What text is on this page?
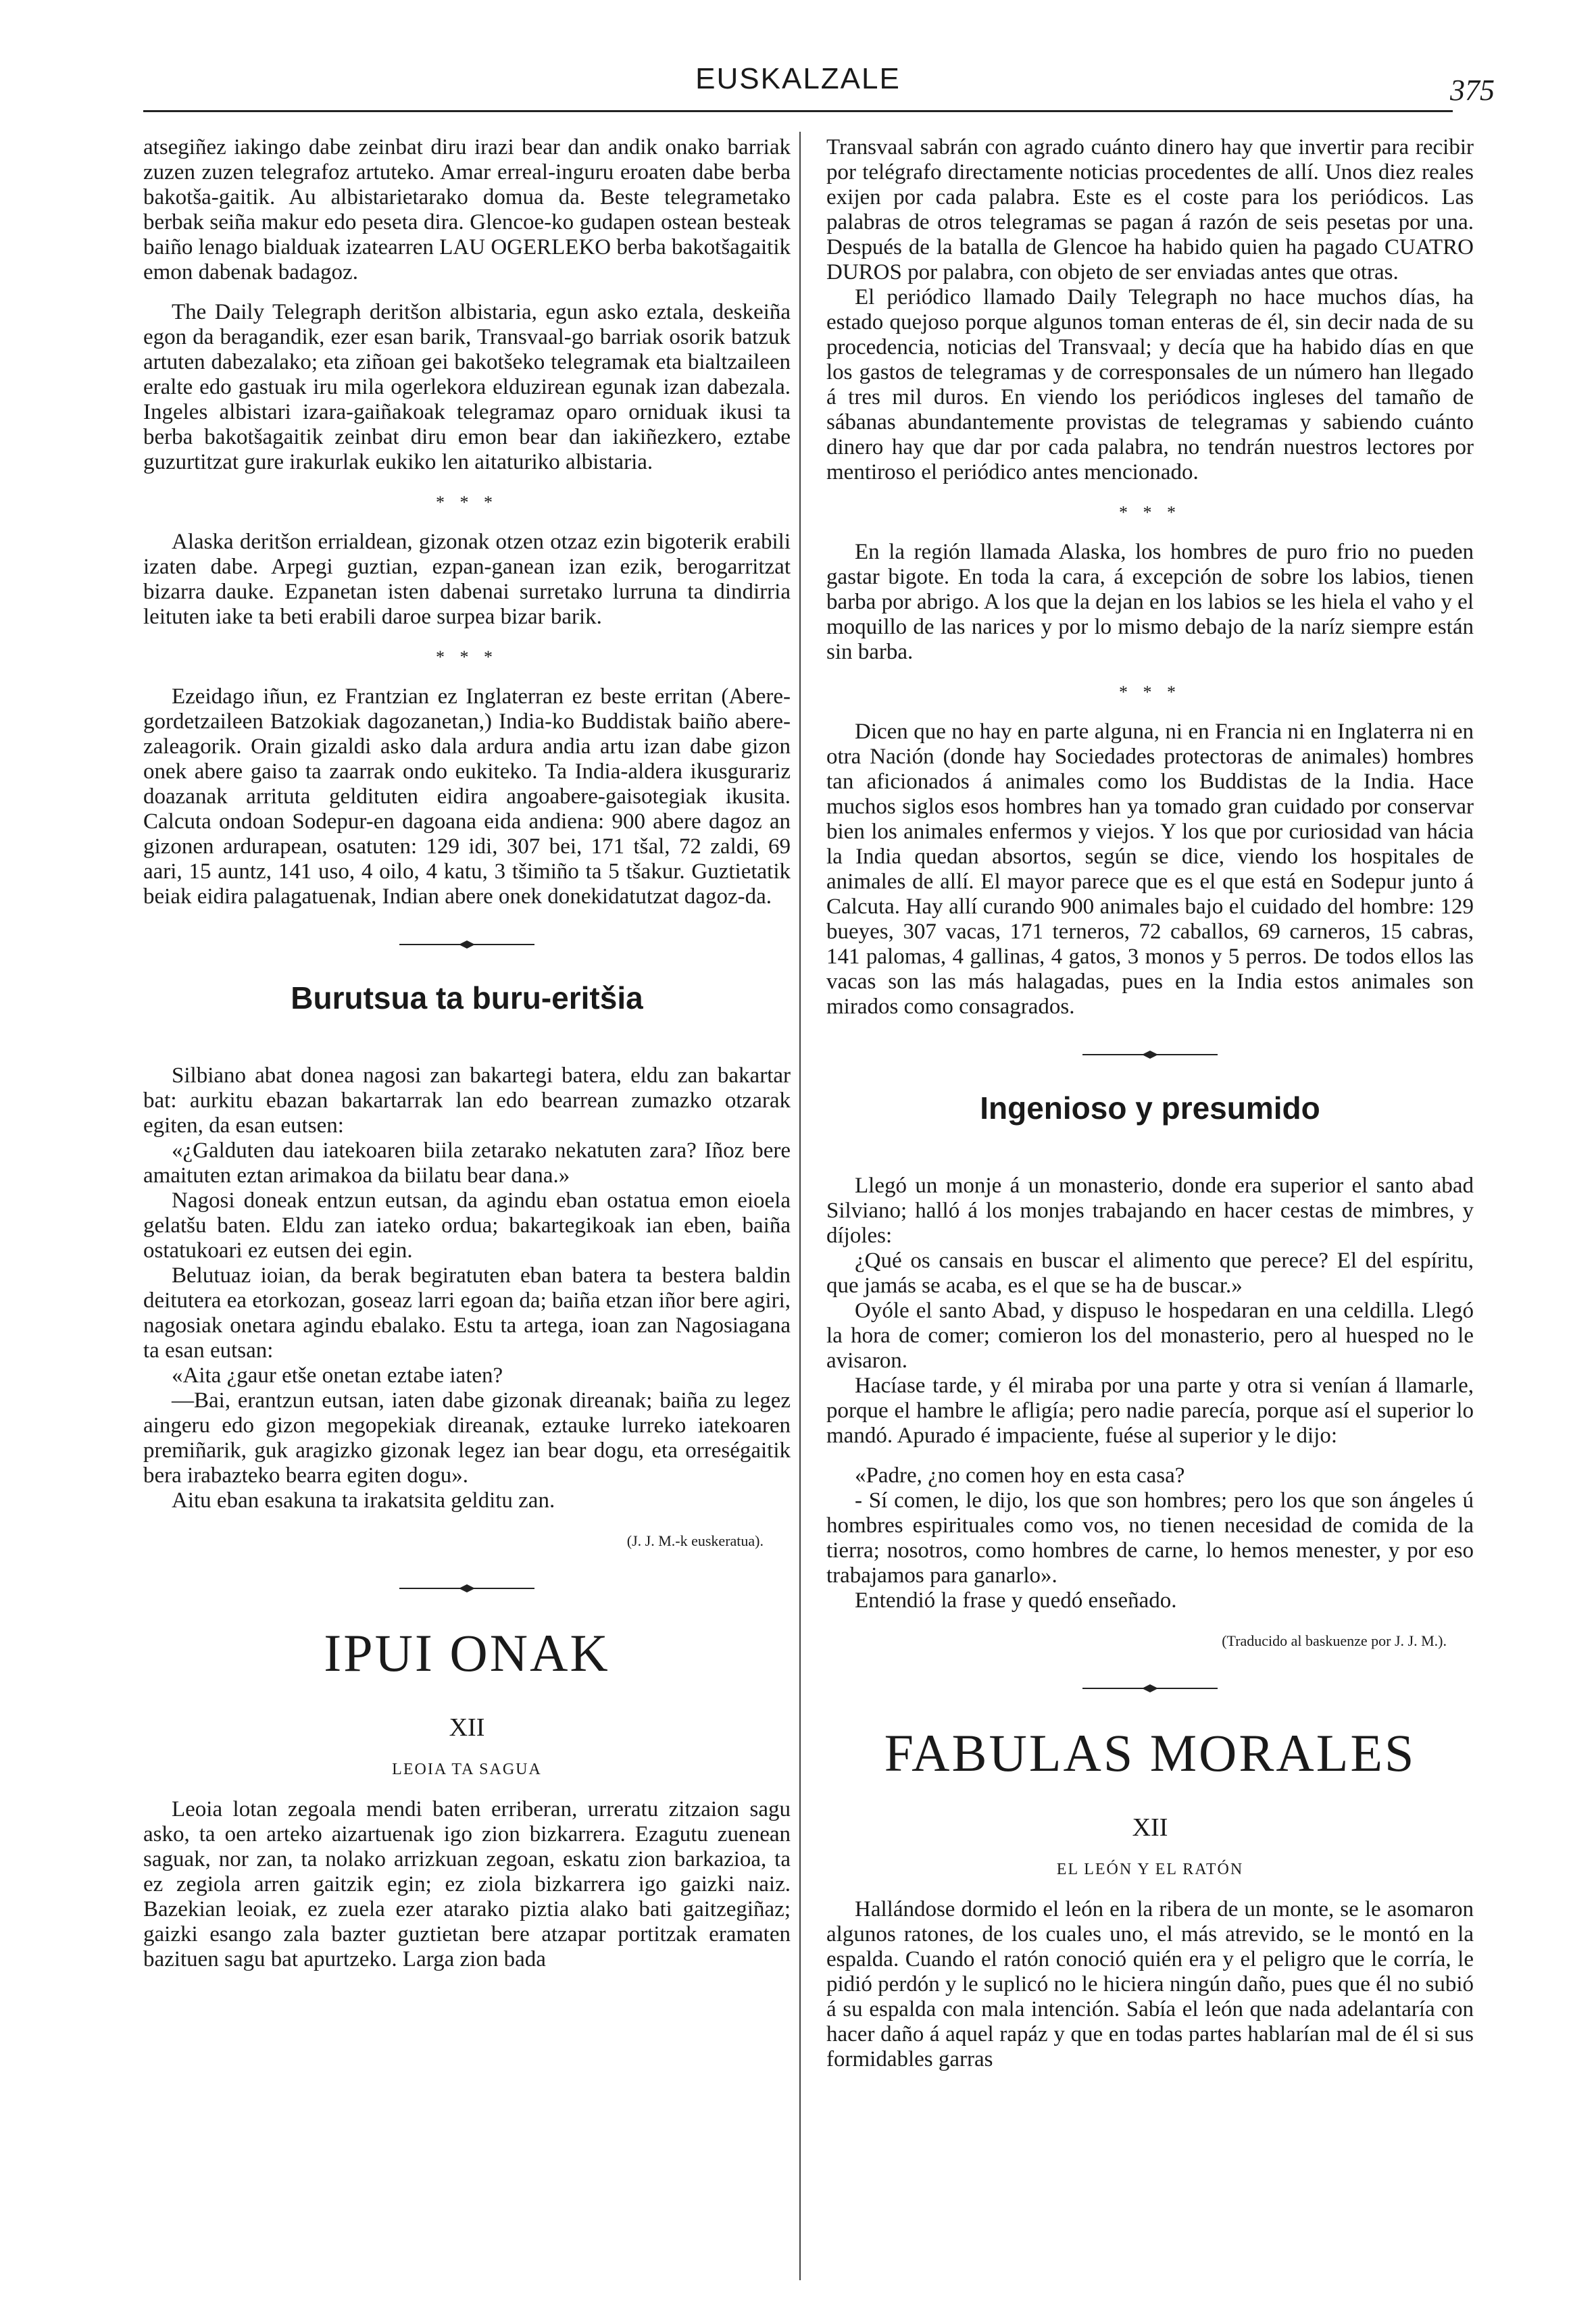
EUSKALZALE	375

atsegiñez iakingo dabe zeinbat diru irazi bear dan andik onako barriak zuzen zuzen telegrafoz artuteko. Amar erreal-inguru eroaten dabe berba bakotša-gaitik. Au albistarietarako domua da. Beste telegrametako berbak seiña makur edo peseta dira. Glencoe-ko gudapen ostean besteak baiño lenago bialduak izatearren LAU OGERLEKO berba bakotšagaitik emon dabenak badagoz.

The Daily Telegraph deritšon albistaria, egun asko eztala, deskeiña egon da beragandik, ezer esan barik, Transvaal-go barriak osorik batzuk artuten dabezalako; eta ziñoan gei bakotšeko telegramak eta bialtzaileen eralte edo gastuak iru mila ogerlekora elduzirean egunak izan dabezala. Ingeles albistari izara-gaiñakoak telegramaz oparo orniduak ikusi ta berba bakotšagaitik zeinbat diru emon bear dan iakiñezkero, eztabe guzurtitzat gure irakurlak eukiko len aitaturiko albistaria.

* * *

Alaska deritšon errialdean, gizonak otzen otzaz ezin bigoterik erabili izaten dabe. Arpegi guztian, ezpan-ganean izan ezik, berogarritzat bizarra dauke. Ezpanetan isten dabenai surretako lurruna ta dindirria leituten iake ta beti erabili daroe surpea bizar barik.

* * *

Ezeidago iñun, ez Frantzian ez Inglaterran ez beste erritan (Abere-gordetzaileen Batzokiak dagozanetan,) India-ko Buddistak baiño abere-zaleagorik. Orain gizaldi asko dala ardura andia artu izan dabe gizon onek abere gaiso ta zaarrak ondo eukiteko. Ta India-aldera ikusgurariz doazanak arrituta geldituten eidira angoabere-gaisotegiak ikusita. Calcuta ondoan Sodepur-en dagoana eida andiena: 900 abere dagoz an gizonen ardurapean, osatuten: 129 idi, 307 bei, 171 tšal, 72 zaldi, 69 aari, 15 auntz, 141 uso, 4 oilo, 4 katu, 3 tšimiño ta 5 tšakur. Guztietatik beiak eidira palagatuenak, Indian abere onek donekidatutzat dagoz-da.

Burutsua ta buru-eritšia

Silbiano abat donea nagosi zan bakartegi batera, eldu zan bakartar bat: aurkitu ebazan bakartarrak lan edo bearrean zumazko otzarak egiten, da esan eutsen:

«¿Galduten dau iatekoaren biila zetarako nekatuten zara? Iñoz bere amaituten eztan arimakoa da biilatu bear dana.»

Nagosi doneak entzun eutsan, da agindu eban ostatua emon eioela gelatšu baten. Eldu zan iateko ordua; bakartegikoak ian eben, baiña ostatukoari ez eutsen dei egin.

Belutuaz ioian, da berak begiratuten eban batera ta bestera baldin deitutera ea etorkozan, goseaz larri egoan da; baiña etzan iñor bere agiri, nagosiak onetara agindu ebalako. Estu ta artega, ioan zan Nagosiagana ta esan eutsan:

«Aita ¿gaur etše onetan eztabe iaten?

—Bai, erantzun eutsan, iaten dabe gizonak direanak; baiña zu legez aingeru edo gizon megopekiak direanak, eztauke lurreko iatekoaren premiñarik, guk aragizko gizonak legez ian bear dogu, eta orreségaitik bera irabazteko bearra egiten dogu».

Aitu eban esakuna ta irakatsita gelditu zan.

(J. J. M.-k euskeratua).

IPUI ONAK

XII

LEOIA TA SAGUA

Leoia lotan zegoala mendi baten erriberan, urreratu zitzaion sagu asko, ta oen arteko aizartuenak igo zion bizkarrera. Ezagutu zuenean saguak, nor zan, ta nolako arrizkuan zegoan, eskatu zion barkazioa, ta ez zegiola arren gaitzik egin; ez ziola bizkarrera igo gaizki naiz. Bazekian leoiak, ez zuela ezer atarako piztia alako bati gaitzegiñaz; gaizki esango zala bazter guztietan bere atzapar portitzak eramaten bazituen sagu bat apurtzeko. Larga zion bada

Transvaal sabrán con agrado cuánto dinero hay que invertir para recibir por telégrafo directamente noticias procedentes de allí. Unos diez reales exijen por cada palabra. Este es el coste para los periódicos. Las palabras de otros telegramas se pagan á razón de seis pesetas por una. Después de la batalla de Glencoe ha habido quien ha pagado CUATRO DUROS por palabra, con objeto de ser enviadas antes que otras.

El periódico llamado Daily Telegraph no hace muchos días, ha estado quejoso porque algunos toman enteras de él, sin decir nada de su procedencia, noticias del Transvaal; y decía que ha habido días en que los gastos de telegramas y de corresponsales de un número han llegado á tres mil duros. En viendo los periódicos ingleses del tamaño de sábanas abundantemente provistas de telegramas y sabiendo cuánto dinero hay que dar por cada palabra, no tendrán nuestros lectores por mentiroso el periódico antes mencionado.

* * *

En la región llamada Alaska, los hombres de puro frio no pueden gastar bigote. En toda la cara, á excepción de sobre los labios, tienen barba por abrigo. A los que la dejan en los labios se les hiela el vaho y el moquillo de las narices y por lo mismo debajo de la naríz siempre están sin barba.

* * *

Dicen que no hay en parte alguna, ni en Francia ni en Inglaterra ni en otra Nación (donde hay Sociedades protectoras de animales) hombres tan aficionados á animales como los Buddistas de la India. Hace muchos siglos esos hombres han ya tomado gran cuidado por conservar bien los animales enfermos y viejos. Y los que por curiosidad van hácia la India quedan absortos, según se dice, viendo los hospitales de animales de allí. El mayor parece que es el que está en Sodepur junto á Calcuta. Hay allí curando 900 animales bajo el cuidado del hombre: 129 bueyes, 307 vacas, 171 terneros, 72 caballos, 69 carneros, 15 cabras, 141 palomas, 4 gallinas, 4 gatos, 3 monos y 5 perros. De todos ellos las vacas son las más halagadas, pues en la India estos animales son mirados como consagrados.

Ingenioso y presumido

Llegó un monje á un monasterio, donde era superior el santo abad Silviano; halló á los monjes trabajando en hacer cestas de mimbres, y díjoles:

¿Qué os cansais en buscar el alimento que perece? El del espíritu, que jamás se acaba, es el que se ha de buscar.»

Oyóle el santo Abad, y dispuso le hospedaran en una celdilla. Llegó la hora de comer; comieron los del monasterio, pero al huesped no le avisaron.

Hacíase tarde, y él miraba por una parte y otra si venían á llamarle, porque el hambre le afligía; pero nadie parecía, porque así el superior lo mandó. Apurado é impaciente, fuése al superior y le dijo:

«Padre, ¿no comen hoy en esta casa?

- Sí comen, le dijo, los que son hombres; pero los que son ángeles ú hombres espirituales como vos, no tienen necesidad de comida de la tierra; nosotros, como hombres de carne, lo hemos menester, y por eso trabajamos para ganarlo».

Entendió la frase y quedó enseñado.

(Traducido al baskuenze por J. J. M.).

FABULAS MORALES

XII

EL LEÓN Y EL RATÓN

Hallándose dormido el león en la ribera de un monte, se le asomaron algunos ratones, de los cuales uno, el más atrevido, se le montó en la espalda. Cuando el ratón conoció quién era y el peligro que le corría, le pidió perdón y le suplicó no le hiciera ningún daño, pues que él no subió á su espalda con mala intención. Sabía el león que nada adelantaría con hacer daño á aquel rapáz y que en todas partes hablarían mal de él si sus formidables garras
